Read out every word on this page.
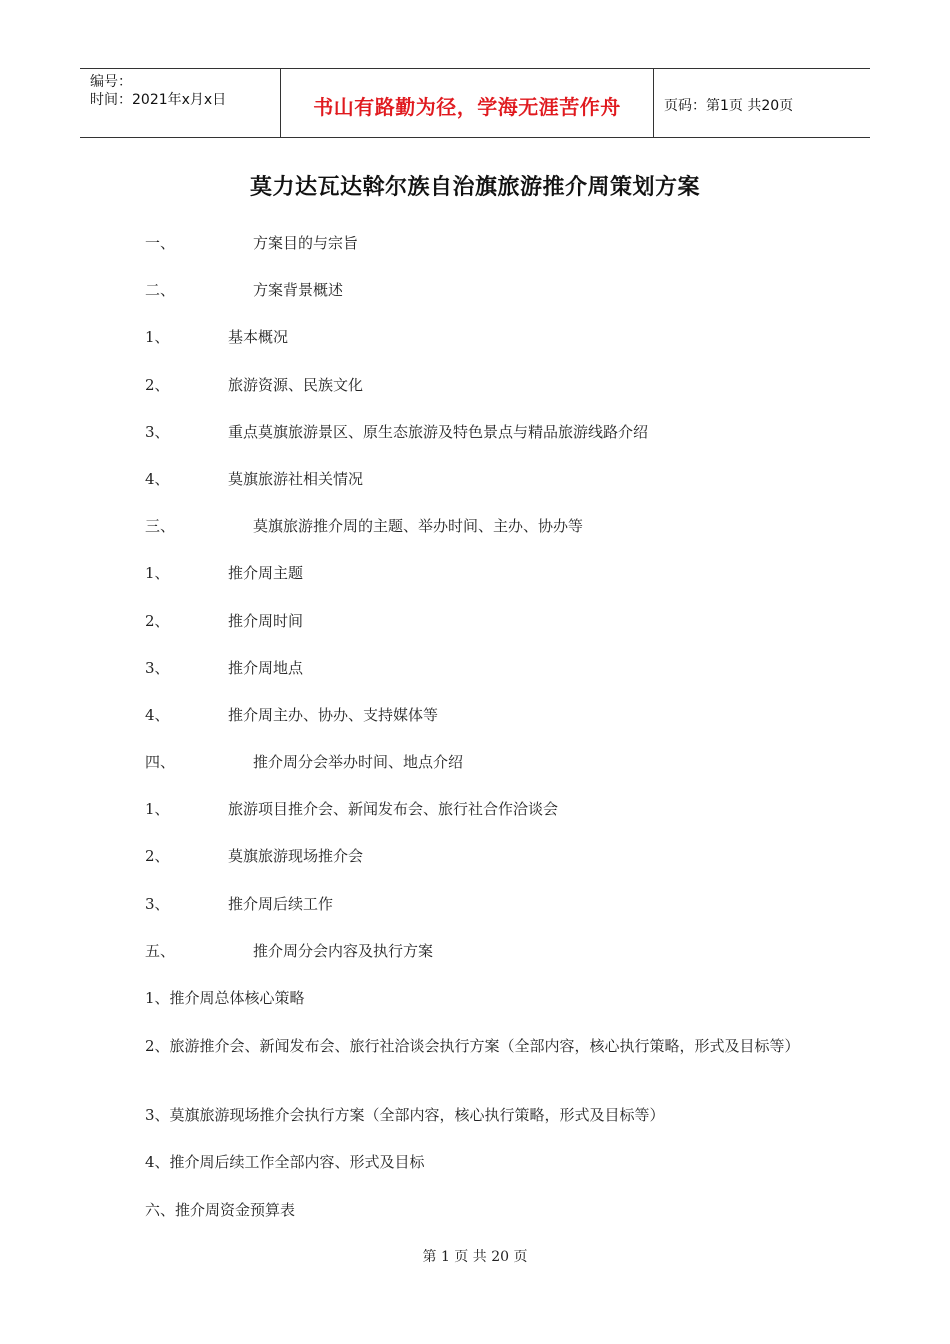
编号：
时间：2021年x月x日	书山有路勤为径，学海无涯苦作舟	页码：第1页 共20页
莫力达瓦达斡尔族自治旗旅游推介周策划方案
一、	方案目的与宗旨
二、	方案背景概述
1、	基本概况
2、	旅游资源、民族文化
3、	重点莫旗旅游景区、原生态旅游及特色景点与精品旅游线路介绍
4、	莫旗旅游社相关情况
三、	莫旗旅游推介周的主题、举办时间、主办、协办等
1、	推介周主题
2、	推介周时间
3、	推介周地点
4、	推介周主办、协办、支持媒体等
四、	推介周分会举办时间、地点介绍
1、	旅游项目推介会、新闻发布会、旅行社合作洽谈会
2、	莫旗旅游现场推介会
3、	推介周后续工作
五、	推介周分会内容及执行方案
1、推介周总体核心策略
2、旅游推介会、新闻发布会、旅行社洽谈会执行方案（全部内容，核心执行策略，形式及目标等）
3、莫旗旅游现场推介会执行方案（全部内容，核心执行策略，形式及目标等）
4、推介周后续工作全部内容、形式及目标
六、推介周资金预算表
第 1 页 共 20 页
